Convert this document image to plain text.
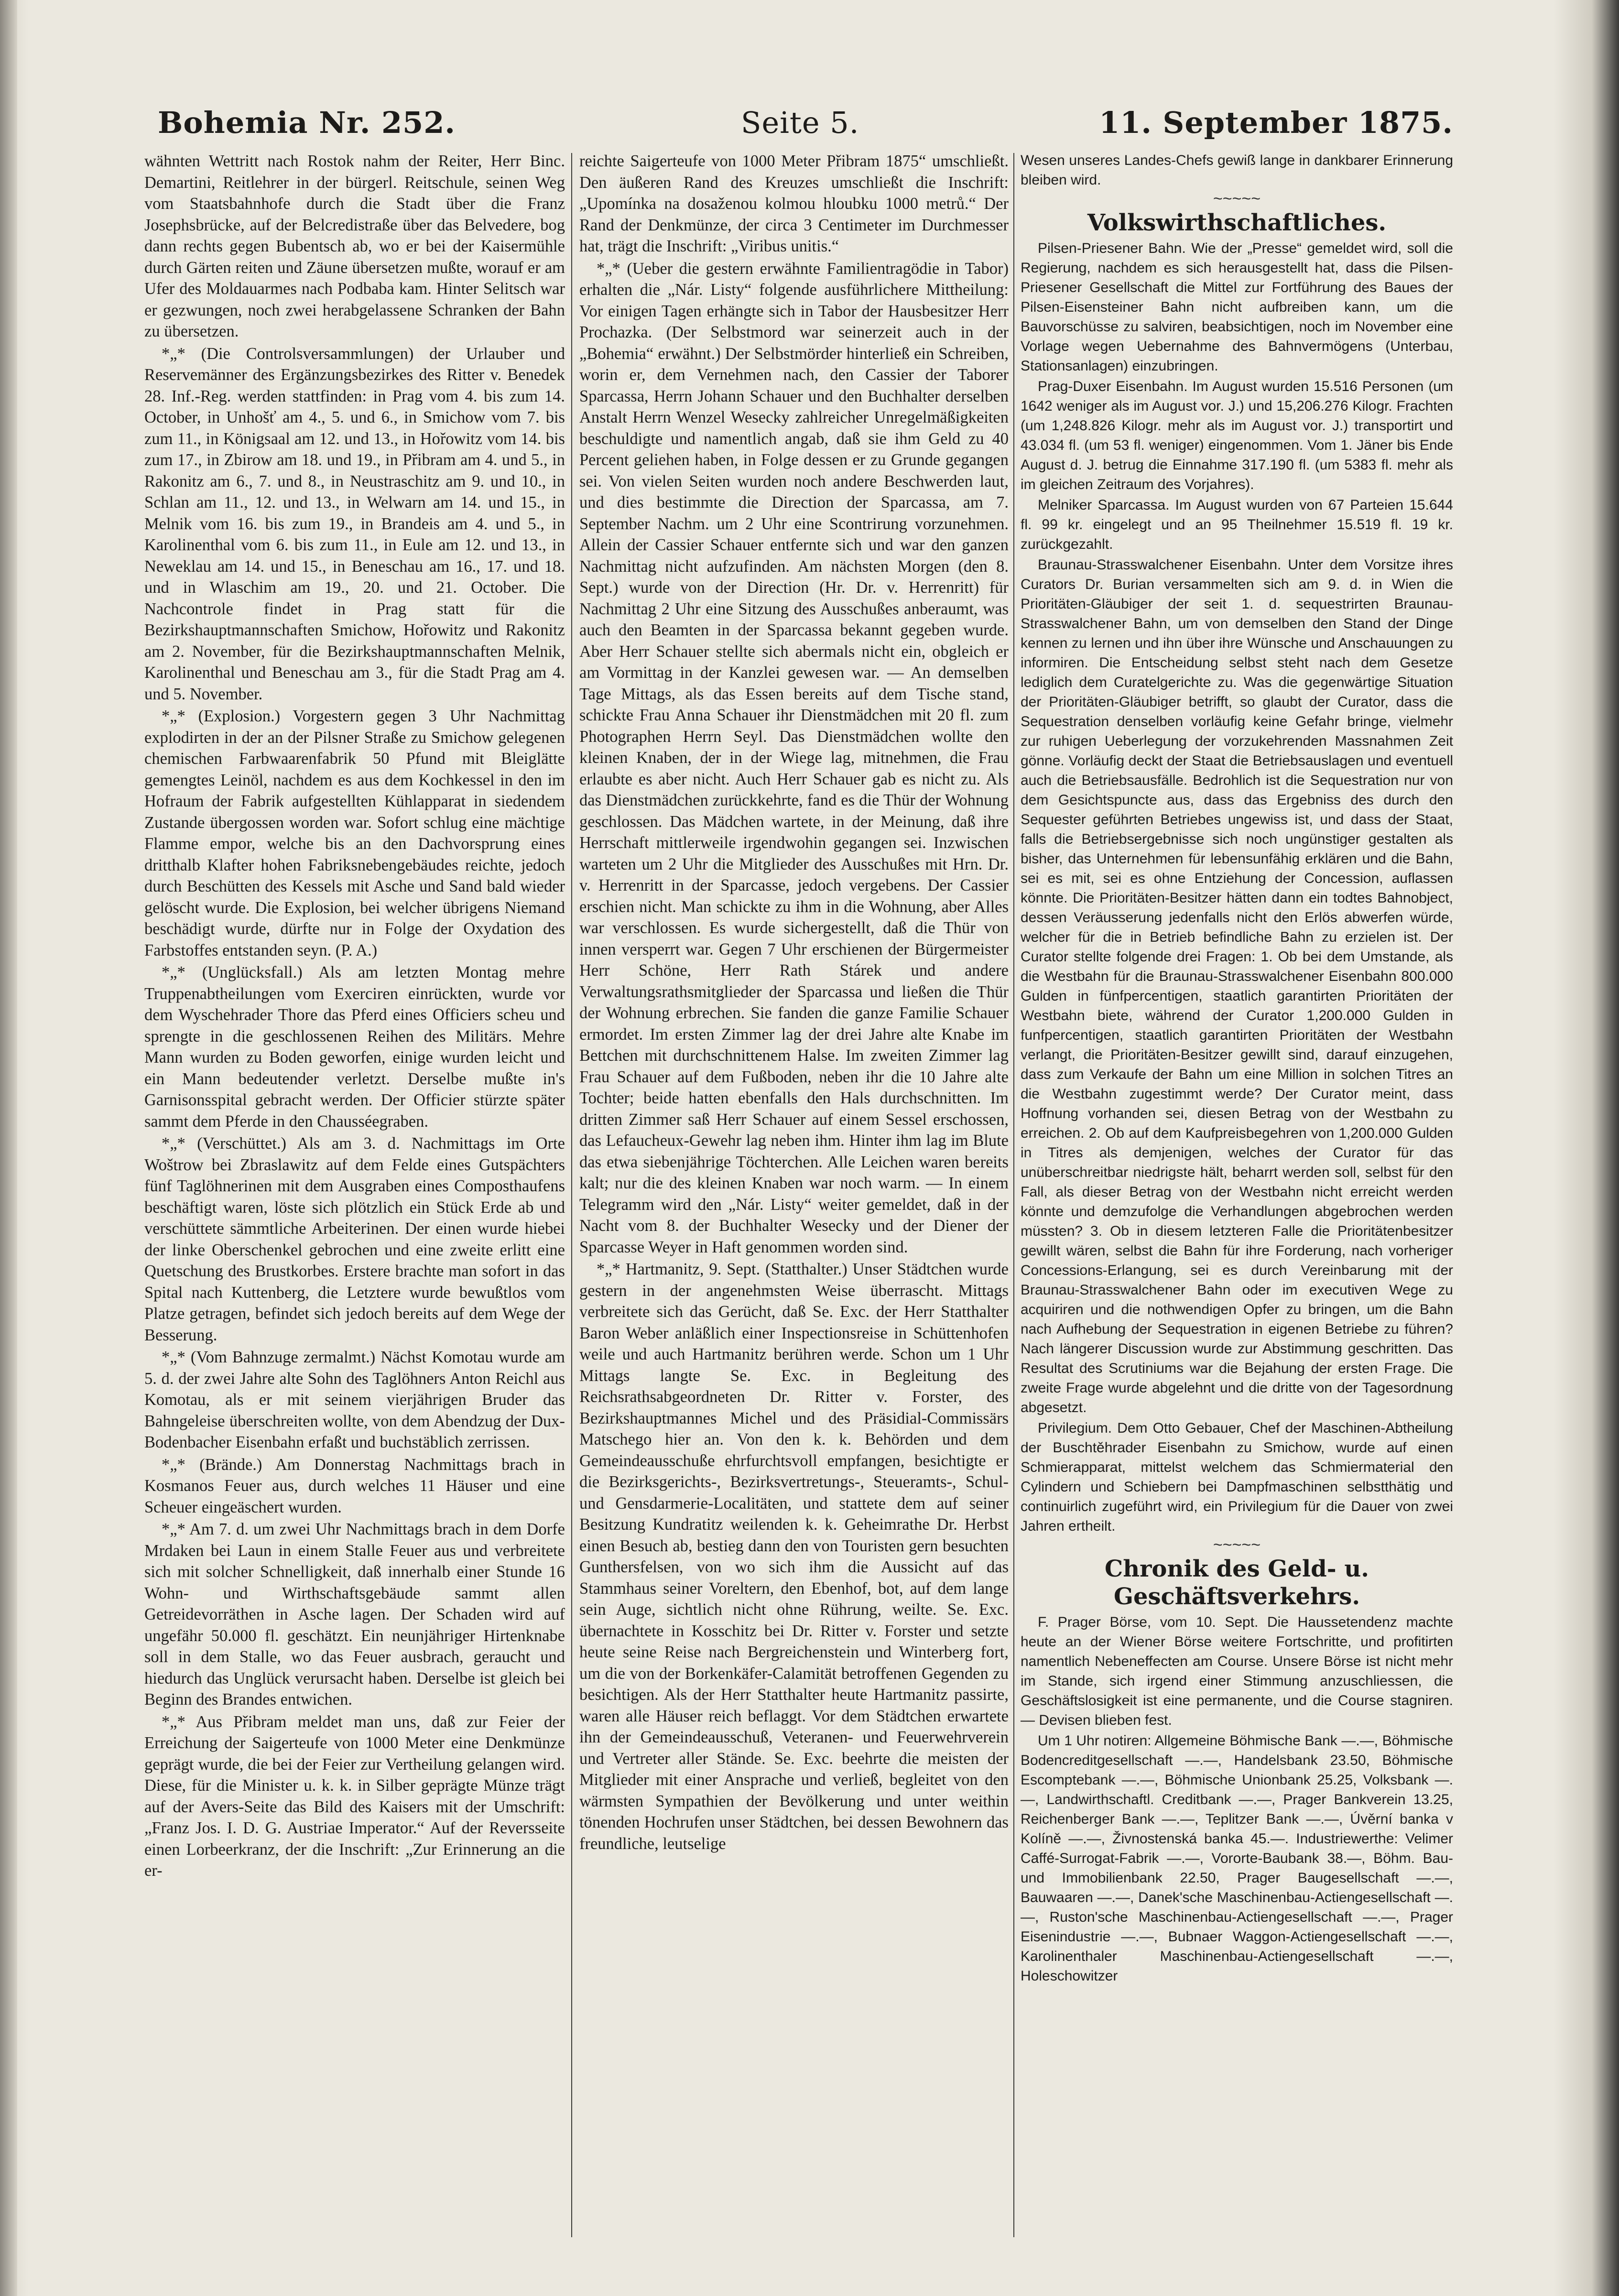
Bohemia Nr. 252.	Seite 5.	11. September 1875.

wähnten Wettritt nach Rostok nahm der Reiter, Herr Binc. Demartini, Reitlehrer in der bürgerl. Reitschule, seinen Weg vom Staatsbahnhofe durch die Stadt über die Franz Josephsbrücke, auf der Belcredistraße über das Belvedere, bog dann rechts gegen Bubentsch ab, wo er bei der Kaisermühle durch Gärten reiten und Zäune übersetzen mußte, worauf er am Ufer des Moldauarmes nach Podbaba kam. Hinter Selitsch war er gezwungen, noch zwei herabgelassene Schranken der Bahn zu übersetzen.

*„* (Die Controlsversammlungen) der Urlauber und Reservemänner des Ergänzungsbezirkes des Ritter v. Benedek 28. Inf.-Reg. werden stattfinden: in Prag vom 4. bis zum 14. October, in Unhošť am 4., 5. und 6., in Smichow vom 7. bis zum 11., in Königsaal am 12. und 13., in Hořowitz vom 14. bis zum 17., in Zbirow am 18. und 19., in Přibram am 4. und 5., in Rakonitz am 6., 7. und 8., in Neustraschitz am 9. und 10., in Schlan am 11., 12. und 13., in Welwarn am 14. und 15., in Melnik vom 16. bis zum 19., in Brandeis am 4. und 5., in Karolinenthal vom 6. bis zum 11., in Eule am 12. und 13., in Neweklau am 14. und 15., in Beneschau am 16., 17. und 18. und in Wlaschim am 19., 20. und 21. October. Die Nachcontrole findet in Prag statt für die Bezirkshauptmannschaften Smichow, Hořowitz und Rakonitz am 2. November, für die Bezirkshauptmannschaften Melnik, Karolinenthal und Beneschau am 3., für die Stadt Prag am 4. und 5. November.

*„* (Explosion.) Vorgestern gegen 3 Uhr Nachmittag explodirten in der an der Pilsner Straße zu Smichow gelegenen chemischen Farbwaarenfabrik 50 Pfund mit Bleiglätte gemengtes Leinöl, nachdem es aus dem Kochkessel in den im Hofraum der Fabrik aufgestellten Kühlapparat in siedendem Zustande übergossen worden war. Sofort schlug eine mächtige Flamme empor, welche bis an den Dachvorsprung eines dritthalb Klafter hohen Fabriksnebengebäudes reichte, jedoch durch Beschütten des Kessels mit Asche und Sand bald wieder gelöscht wurde. Die Explosion, bei welcher übrigens Niemand beschädigt wurde, dürfte nur in Folge der Oxydation des Farbstoffes entstanden seyn. (P. A.)

*„* (Unglücksfall.) Als am letzten Montag mehre Truppenabtheilungen vom Exerciren einrückten, wurde vor dem Wyschehrader Thore das Pferd eines Officiers scheu und sprengte in die geschlossenen Reihen des Militärs. Mehre Mann wurden zu Boden geworfen, einige wurden leicht und ein Mann bedeutender verletzt. Derselbe mußte in's Garnisonsspital gebracht werden. Der Officier stürzte später sammt dem Pferde in den Chausséegraben.

*„* (Verschüttet.) Als am 3. d. Nachmittags im Orte Woštrow bei Zbraslawitz auf dem Felde eines Gutspächters fünf Taglöhnerinen mit dem Ausgraben eines Composthaufens beschäftigt waren, löste sich plötzlich ein Stück Erde ab und verschüttete sämmtliche Arbeiterinen. Der einen wurde hiebei der linke Oberschenkel gebrochen und eine zweite erlitt eine Quetschung des Brustkorbes. Erstere brachte man sofort in das Spital nach Kuttenberg, die Letztere wurde bewußtlos vom Platze getragen, befindet sich jedoch bereits auf dem Wege der Besserung.

*„* (Vom Bahnzuge zermalmt.) Nächst Komotau wurde am 5. d. der zwei Jahre alte Sohn des Taglöhners Anton Reichl aus Komotau, als er mit seinem vierjährigen Bruder das Bahngeleise überschreiten wollte, von dem Abendzug der Dux-Bodenbacher Eisenbahn erfaßt und buchstäblich zerrissen.

*„* (Brände.) Am Donnerstag Nachmittags brach in Kosmanos Feuer aus, durch welches 11 Häuser und eine Scheuer eingeäschert wurden.

*„* Am 7. d. um zwei Uhr Nachmittags brach in dem Dorfe Mrdaken bei Laun in einem Stalle Feuer aus und verbreitete sich mit solcher Schnelligkeit, daß innerhalb einer Stunde 16 Wohn- und Wirthschaftsgebäude sammt allen Getreidevorräthen in Asche lagen. Der Schaden wird auf ungefähr 50.000 fl. geschätzt. Ein neunjähriger Hirtenknabe soll in dem Stalle, wo das Feuer ausbrach, geraucht und hiedurch das Unglück verursacht haben. Derselbe ist gleich bei Beginn des Brandes entwichen.

*„* Aus Přibram meldet man uns, daß zur Feier der Erreichung der Saigerteufe von 1000 Meter eine Denkmünze geprägt wurde, die bei der Feier zur Vertheilung gelangen wird. Diese, für die Minister u. k. k. in Silber geprägte Münze trägt auf der Avers-Seite das Bild des Kaisers mit der Umschrift: „Franz Jos. I. D. G. Austriae Imperator.“ Auf der Reversseite einen Lorbeerkranz, der die Inschrift: „Zur Erinnerung an die er-

reichte Saigerteufe von 1000 Meter Přibram 1875“ umschließt. Den äußeren Rand des Kreuzes umschließt die Inschrift: „Upomínka na dosaženou kolmou hloubku 1000 metrů.“ Der Rand der Denkmünze, der circa 3 Centimeter im Durchmesser hat, trägt die Inschrift: „Viribus unitis.“

*„* (Ueber die gestern erwähnte Familientragödie in Tabor) erhalten die „Nár. Listy“ folgende ausführlichere Mittheilung: Vor einigen Tagen erhängte sich in Tabor der Hausbesitzer Herr Prochazka. (Der Selbstmord war seinerzeit auch in der „Bohemia“ erwähnt.) Der Selbstmörder hinterließ ein Schreiben, worin er, dem Vernehmen nach, den Cassier der Taborer Sparcassa, Herrn Johann Schauer und den Buchhalter derselben Anstalt Herrn Wenzel Wesecky zahlreicher Unregelmäßigkeiten beschuldigte und namentlich angab, daß sie ihm Geld zu 40 Percent geliehen haben, in Folge dessen er zu Grunde gegangen sei. Von vielen Seiten wurden noch andere Beschwerden laut, und dies bestimmte die Direction der Sparcassa, am 7. September Nachm. um 2 Uhr eine Scontrirung vorzunehmen. Allein der Cassier Schauer entfernte sich und war den ganzen Nachmittag nicht aufzufinden. Am nächsten Morgen (den 8. Sept.) wurde von der Direction (Hr. Dr. v. Herrenritt) für Nachmittag 2 Uhr eine Sitzung des Ausschußes anberaumt, was auch den Beamten in der Sparcassa bekannt gegeben wurde. Aber Herr Schauer stellte sich abermals nicht ein, obgleich er am Vormittag in der Kanzlei gewesen war. — An demselben Tage Mittags, als das Essen bereits auf dem Tische stand, schickte Frau Anna Schauer ihr Dienstmädchen mit 20 fl. zum Photographen Herrn Seyl. Das Dienstmädchen wollte den kleinen Knaben, der in der Wiege lag, mitnehmen, die Frau erlaubte es aber nicht. Auch Herr Schauer gab es nicht zu. Als das Dienstmädchen zurückkehrte, fand es die Thür der Wohnung geschlossen. Das Mädchen wartete, in der Meinung, daß ihre Herrschaft mittlerweile irgendwohin gegangen sei. Inzwischen warteten um 2 Uhr die Mitglieder des Ausschußes mit Hrn. Dr. v. Herrenritt in der Sparcasse, jedoch vergebens. Der Cassier erschien nicht. Man schickte zu ihm in die Wohnung, aber Alles war verschlossen. Es wurde sichergestellt, daß die Thür von innen versperrt war. Gegen 7 Uhr erschienen der Bürgermeister Herr Schöne, Herr Rath Stárek und andere Verwaltungsrathsmitglieder der Sparcassa und ließen die Thür der Wohnung erbrechen. Sie fanden die ganze Familie Schauer ermordet. Im ersten Zimmer lag der drei Jahre alte Knabe im Bettchen mit durchschnittenem Halse. Im zweiten Zimmer lag Frau Schauer auf dem Fußboden, neben ihr die 10 Jahre alte Tochter; beide hatten ebenfalls den Hals durchschnitten. Im dritten Zimmer saß Herr Schauer auf einem Sessel erschossen, das Lefaucheux-Gewehr lag neben ihm. Hinter ihm lag im Blute das etwa siebenjährige Töchterchen. Alle Leichen waren bereits kalt; nur die des kleinen Knaben war noch warm. — In einem Telegramm wird den „Nár. Listy“ weiter gemeldet, daß in der Nacht vom 8. der Buchhalter Wesecky und der Diener der Sparcasse Weyer in Haft genommen worden sind.

*„* Hartmanitz, 9. Sept. (Statthalter.) Unser Städtchen wurde gestern in der angenehmsten Weise überrascht. Mittags verbreitete sich das Gerücht, daß Se. Exc. der Herr Statthalter Baron Weber anläßlich einer Inspectionsreise in Schüttenhofen weile und auch Hartmanitz berühren werde. Schon um 1 Uhr Mittags langte Se. Exc. in Begleitung des Reichsrathsabgeordneten Dr. Ritter v. Forster, des Bezirkshauptmannes Michel und des Präsidial-Commissärs Matschego hier an. Von den k. k. Behörden und dem Gemeindeausschuße ehrfurchtsvoll empfangen, besichtigte er die Bezirksgerichts-, Bezirksvertretungs-, Steueramts-, Schul- und Gensdarmerie-Localitäten, und stattete dem auf seiner Besitzung Kundratitz weilenden k. k. Geheimrathe Dr. Herbst einen Besuch ab, bestieg dann den von Touristen gern besuchten Gunthersfelsen, von wo sich ihm die Aussicht auf das Stammhaus seiner Voreltern, den Ebenhof, bot, auf dem lange sein Auge, sichtlich nicht ohne Rührung, weilte. Se. Exc. übernachtete in Kosschitz bei Dr. Ritter v. Forster und setzte heute seine Reise nach Bergreichenstein und Winterberg fort, um die von der Borkenkäfer-Calamität betroffenen Gegenden zu besichtigen. Als der Herr Statthalter heute Hartmanitz passirte, waren alle Häuser reich beflaggt. Vor dem Städtchen erwartete ihn der Gemeindeausschuß, Veteranen- und Feuerwehrverein und Vertreter aller Stände. Se. Exc. beehrte die meisten der Mitglieder mit einer Ansprache und verließ, begleitet von den wärmsten Sympathien der Bevölkerung und unter weithin tönenden Hochrufen unser Städtchen, bei dessen Bewohnern das freundliche, leutselige

Wesen unseres Landes-Chefs gewiß lange in dankbarer Erinnerung bleiben wird.

~~~~~
Volkswirthschaftliches.

Pilsen-Priesener Bahn. Wie der „Presse“ gemeldet wird, soll die Regierung, nachdem es sich herausgestellt hat, dass die Pilsen-Priesener Gesellschaft die Mittel zur Fortführung des Baues der Pilsen-Eisensteiner Bahn nicht aufbreiben kann, um die Bauvorschüsse zu salviren, beabsichtigen, noch im November eine Vorlage wegen Uebernahme des Bahnvermögens (Unterbau, Stationsanlagen) einzubringen.

Prag-Duxer Eisenbahn. Im August wurden 15.516 Personen (um 1642 weniger als im August vor. J.) und 15,206.276 Kilogr. Frachten (um 1,248.826 Kilogr. mehr als im August vor. J.) transportirt und 43.034 fl. (um 53 fl. weniger) eingenommen. Vom 1. Jäner bis Ende August d. J. betrug die Einnahme 317.190 fl. (um 5383 fl. mehr als im gleichen Zeitraum des Vorjahres).

Melniker Sparcassa. Im August wurden von 67 Parteien 15.644 fl. 99 kr. eingelegt und an 95 Theilnehmer 15.519 fl. 19 kr. zurückgezahlt.

Braunau-Strasswalchener Eisenbahn. Unter dem Vorsitze ihres Curators Dr. Burian versammelten sich am 9. d. in Wien die Prioritäten-Gläubiger der seit 1. d. sequestrirten Braunau-Strasswalchener Bahn, um von demselben den Stand der Dinge kennen zu lernen und ihn über ihre Wünsche und Anschauungen zu informiren. Die Entscheidung selbst steht nach dem Gesetze lediglich dem Curatelgerichte zu. Was die gegenwärtige Situation der Prioritäten-Gläubiger betrifft, so glaubt der Curator, dass die Sequestration denselben vorläufig keine Gefahr bringe, vielmehr zur ruhigen Ueberlegung der vorzukehrenden Massnahmen Zeit gönne. Vorläufig deckt der Staat die Betriebsauslagen und eventuell auch die Betriebsausfälle. Bedrohlich ist die Sequestration nur von dem Gesichtspuncte aus, dass das Ergebniss des durch den Sequester geführten Betriebes ungewiss ist, und dass der Staat, falls die Betriebsergebnisse sich noch ungünstiger gestalten als bisher, das Unternehmen für lebensunfähig erklären und die Bahn, sei es mit, sei es ohne Entziehung der Concession, auflassen könnte. Die Prioritäten-Besitzer hätten dann ein todtes Bahnobject, dessen Veräusserung jedenfalls nicht den Erlös abwerfen würde, welcher für die in Betrieb befindliche Bahn zu erzielen ist. Der Curator stellte folgende drei Fragen: 1. Ob bei dem Umstande, als die Westbahn für die Braunau-Strasswalchener Eisenbahn 800.000 Gulden in fünfpercentigen, staatlich garantirten Prioritäten der Westbahn biete, während der Curator 1,200.000 Gulden in funfpercentigen, staatlich garantirten Prioritäten der Westbahn verlangt, die Prioritäten-Besitzer gewillt sind, darauf einzugehen, dass zum Verkaufe der Bahn um eine Million in solchen Titres an die Westbahn zugestimmt werde? Der Curator meint, dass Hoffnung vorhanden sei, diesen Betrag von der Westbahn zu erreichen. 2. Ob auf dem Kaufpreisbegehren von 1,200.000 Gulden in Titres als demjenigen, welches der Curator für das unüberschreitbar niedrigste hält, beharrt werden soll, selbst für den Fall, als dieser Betrag von der Westbahn nicht erreicht werden könnte und demzufolge die Verhandlungen abgebrochen werden müssten? 3. Ob in diesem letzteren Falle die Prioritätenbesitzer gewillt wären, selbst die Bahn für ihre Forderung, nach vorheriger Concessions-Erlangung, sei es durch Vereinbarung mit der Braunau-Strasswalchener Bahn oder im executiven Wege zu acquiriren und die nothwendigen Opfer zu bringen, um die Bahn nach Aufhebung der Sequestration in eigenen Betriebe zu führen? Nach längerer Discussion wurde zur Abstimmung geschritten. Das Resultat des Scrutiniums war die Bejahung der ersten Frage. Die zweite Frage wurde abgelehnt und die dritte von der Tagesordnung abgesetzt.

Privilegium. Dem Otto Gebauer, Chef der Maschinen-Abtheilung der Buschtěhrader Eisenbahn zu Smichow, wurde auf einen Schmierapparat, mittelst welchem das Schmiermaterial den Cylindern und Schiebern bei Dampfmaschinen selbstthätig und continuirlich zugeführt wird, ein Privilegium für die Dauer von zwei Jahren ertheilt.

~~~~~
Chronik des Geld- u. Geschäftsverkehrs.

F. Prager Börse, vom 10. Sept. Die Haussetendenz machte heute an der Wiener Börse weitere Fortschritte, und profitirten namentlich Nebeneffecten am Course. Unsere Börse ist nicht mehr im Stande, sich irgend einer Stimmung anzuschliessen, die Geschäftslosigkeit ist eine permanente, und die Course stagniren. — Devisen blieben fest.

Um 1 Uhr notiren: Allgemeine Böhmische Bank —.—, Böhmische Bodencreditgesellschaft —.—, Handelsbank 23.50, Böhmische Escomptebank —.—, Böhmische Unionbank 25.25, Volksbank —.—, Landwirthschaftl. Creditbank —.—, Prager Bankverein 13.25, Reichenberger Bank —.—, Teplitzer Bank —.—, Úvěrní banka v Kolíně —.—, Živnostenská banka 45.—. Industriewerthe: Velimer Caffé-Surrogat-Fabrik —.—, Vororte-Baubank 38.—, Böhm. Bau- und Immobilienbank 22.50, Prager Baugesellschaft —.—, Bauwaaren —.—, Danek'sche Maschinenbau-Actiengesellschaft —.—, Ruston'sche Maschinenbau-Actiengesellschaft —.—, Prager Eisenindustrie —.—, Bubnaer Waggon-Actiengesellschaft —.—, Karolinenthaler Maschinenbau-Actiengesellschaft —.—, Holeschowitzer
